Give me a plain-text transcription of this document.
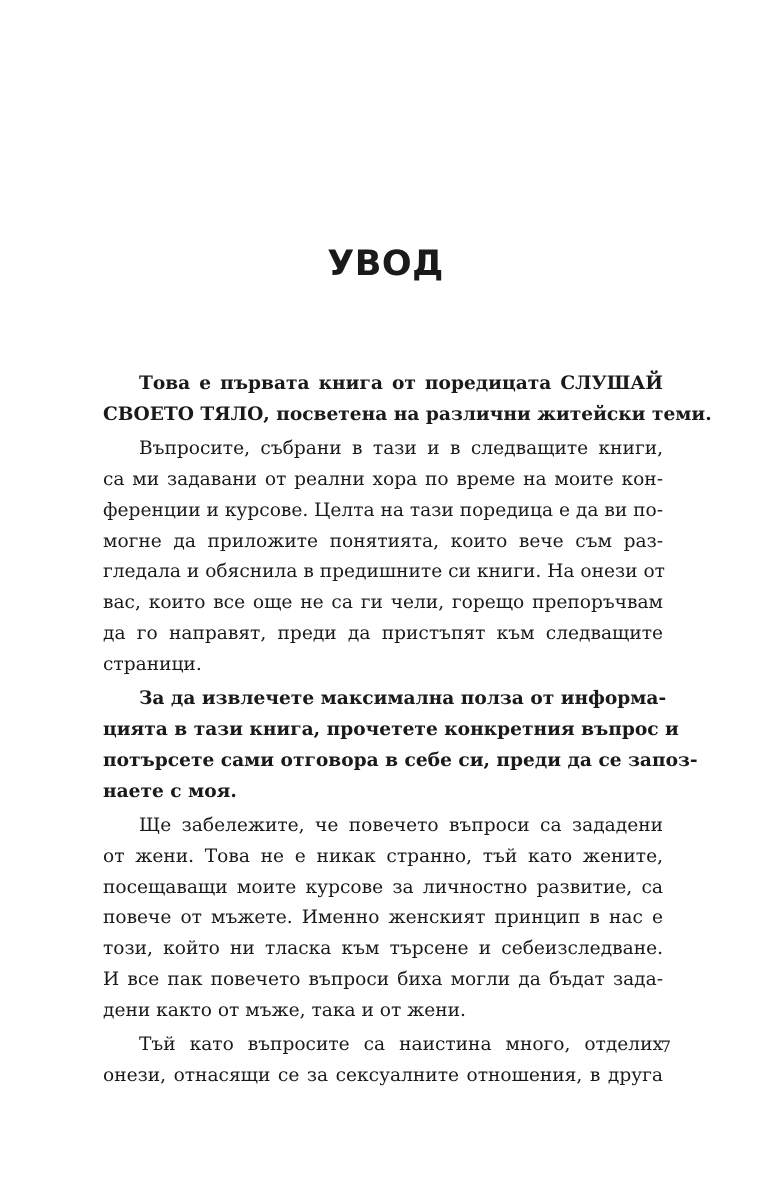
УВОД

Това е първата книга от поредицата СЛУШАЙ
СВОЕТО ТЯЛО, посветена на различни житейски теми.

Въпросите, събрани в тази и в следващите книги,
са ми задавани от реални хора по време на моите кон-
ференции и курсове. Целта на тази поредица е да ви по-
могне да приложите понятията, които вече съм раз-
гледала и обяснила в предишните си книги. На онези от
вас, които все още не са ги чели, горещо препоръчвам
да го направят, преди да пристъпят към следващите
страници.

За да извлечете максимална полза от информа-
цията в тази книга, прочетете конкретния въпрос и
потърсете сами отговора в себе си, преди да се запоз-
наете с моя.

Ще забележите, че повечето въпроси са зададени
от жени. Това не е никак странно, тъй като жените,
посещаващи моите курсове за личностно развитие, са
повече от мъжете. Именно женският принцип в нас е
този, който ни тласка към търсене и себеизследване.
И все пак повечето въпроси биха могли да бъдат зада-
дени както от мъже, така и от жени.

Тъй като въпросите са наистина много, отделих
онези, отнасящи се за сексуалните отношения, в друга

7
